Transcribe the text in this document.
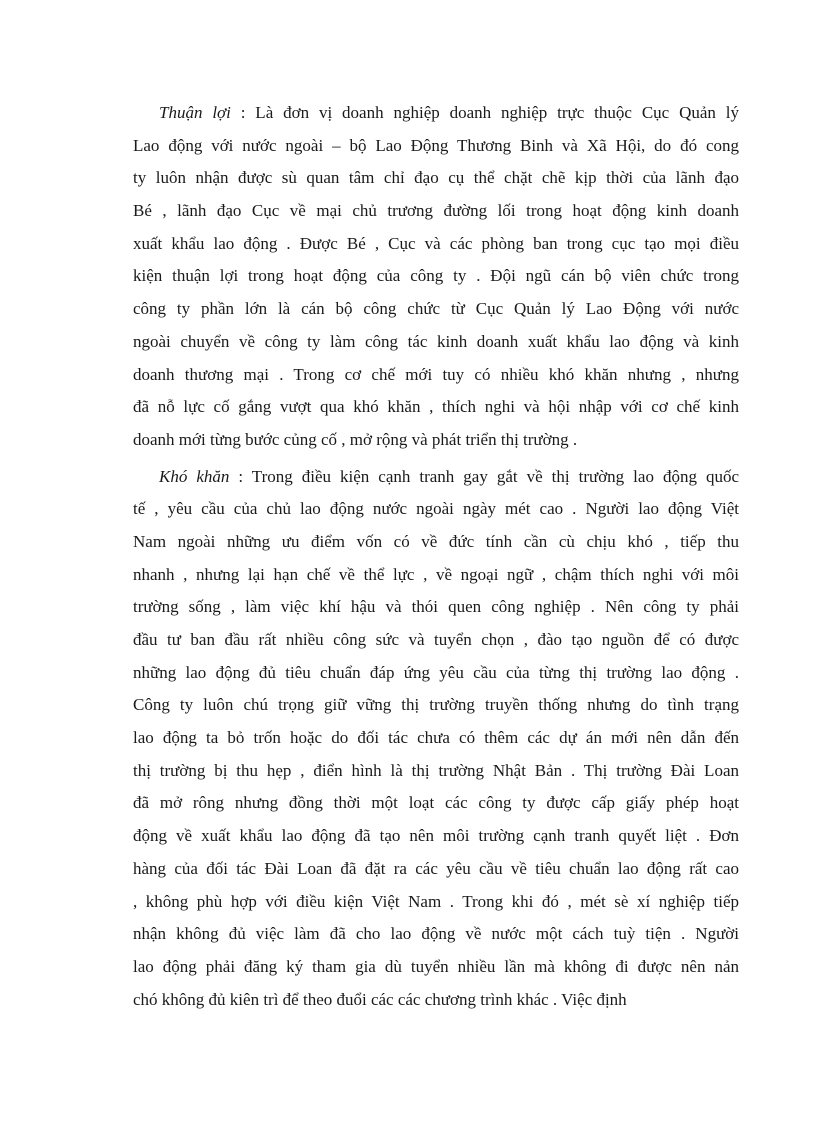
Thuận lợi : Là đơn vị doanh nghiệp doanh nghiệp trực thuộc Cục Quản lý
Lao động với nước ngoài – bộ Lao Động Thương Binh và Xã Hội, do đó cong
ty luôn nhận được sù quan tâm chỉ đạo cụ thể chặt chẽ kịp thời của lãnh đạo
Bé , lãnh đạo Cục về mại chủ trương đường lối trong hoạt động kinh doanh
xuất khẩu lao động . Được Bé , Cục và các phòng ban trong cục tạo mọi điều
kiện thuận lợi trong hoạt động của công ty . Đội ngũ cán bộ viên chức trong
công ty phần lớn là cán bộ công chức từ Cục Quản lý Lao Động với nước
ngoài chuyển về công ty làm công tác kinh doanh xuất khẩu lao động và kinh
doanh thương mại . Trong cơ chế mới tuy có nhiều khó khăn nhưng , nhưng
đã nỗ lực cố gắng vượt qua khó khăn , thích nghi và hội nhập với cơ chế kinh
doanh mới từng bước củng cố , mở rộng và phát triển thị trường .
Khó khăn : Trong điều kiện cạnh tranh gay gắt về thị trường lao động quốc
tế , yêu cầu của chủ lao động nước ngoài ngày mét cao . Người lao động Việt
Nam ngoài những ưu điểm vốn có về đức tính cần cù chịu khó , tiếp thu
nhanh , nhưng lại hạn chế về thể lực , về ngoại ngữ , chậm thích nghi với môi
trường sống , làm việc khí hậu và thói quen công nghiệp . Nên công ty phải
đầu tư ban đầu rất nhiều công sức và tuyển chọn , đào tạo nguồn để có được
những lao động đủ tiêu chuẩn đáp ứng yêu cầu của từng thị trường lao động .
Công ty luôn chú trọng giữ vững thị trường truyền thống nhưng do tình trạng
lao động ta bỏ trốn hoặc do đối tác chưa có thêm các dự án mới nên dẫn đến
thị trường bị thu hẹp , điển hình là thị trường Nhật Bản . Thị trường Đài Loan
đã mở rông nhưng đồng thời một loạt các công ty được cấp giấy phép hoạt
động về xuất khẩu lao động đã tạo nên môi trường cạnh tranh quyết liệt . Đơn
hàng của đối tác Đài Loan đã đặt ra các yêu cầu về tiêu chuẩn lao động rất cao
, không phù hợp với điều kiện Việt Nam . Trong khi đó , mét sè xí nghiệp tiếp
nhận không đủ việc làm đã cho lao động về nước một cách tuỳ tiện . Người
lao động phải đăng ký tham gia dù tuyển nhiều lần mà không đi được nên nản
chó không đủ kiên trì để theo đuổi các các chương trình khác . Việc định
